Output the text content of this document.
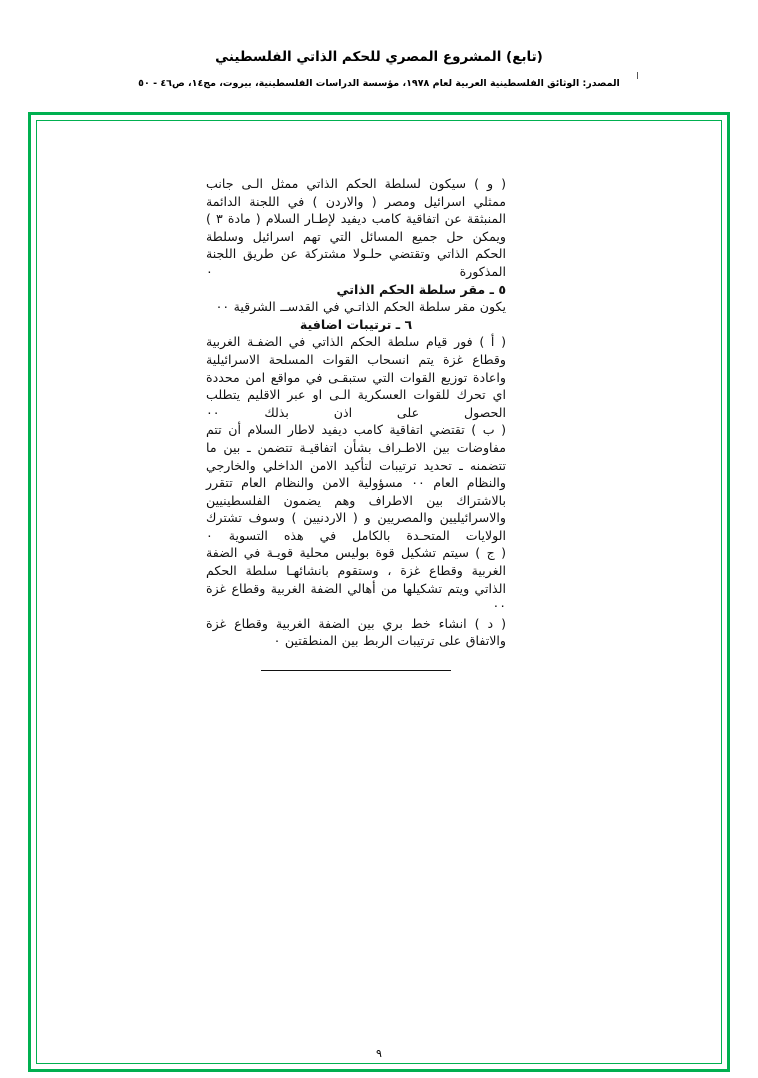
(تابع) المشروع المصري للحكم الذاتي الفلسطيني
المصدر: الوثائق الفلسطينية العربية لعام ١٩٧٨، مؤسسة الدراسات الفلسطينية، بيروت، مج١٤، ص٤٦ - ٥٠

( و ) سيكون لسلطة الحكم الذاتي ممثل الـى جانب ممثلي اسرائيل ومصر ( والاردن ) في اللجنة الدائمة المنبثقة عن اتفاقية كامب ديفيد لإطـار السلام ( مادة ٣ ) ويمكن حل جميع المسائل التي تهم اسرائيل وسلطة الحكم الذاتي وتقتضي حلـولا مشتركة عن طريق اللجنة المذكورة ٠

٥ ـ مقر سلطة الحكم الذاتي

يكون مقر سلطة الحكم الذاتـي في القدســ الشرقية ٠٠

٦ ـ ترتيبات اضافية

( أ ) فور قيام سلطة الحكم الذاتي في الضفـة الغربية وقطاع غزة يتم انسحاب القوات المسلحة الاسرائيلية واعادة توزيع القوات التي ستبقـى في مواقع امن محددة اي تحرك للقوات العسكرية الـى او عبر الاقليم يتطلب الحصول على اذن بذلك ٠٠

( ب ) تقتضي اتفاقية كامب ديفيد لاطار السلام أن تتم مفاوضات بين الاطـراف بشأن اتفاقيـة تتضمن ـ بين ما تتضمنه ـ تحديد ترتيبات لتأكيد الامن الداخلي والخارجي والنظام العام ٠٠ مسؤولية الامن والنظام العام تتقرر بالاشتراك بين الاطراف وهم يضمون الفلسطينيين والاسرائيليين والمصريين و ( الاردنيين ) وسوف تشترك الولايات المتحـدة بالكامل في هذه التسوية ٠

( ج ) سيتم تشكيل قوة بوليس محلية قويـة في الضفة الغربية وقطاع غزة ، وستقوم بانشائهـا سلطة الحكم الذاتي ويتم تشكيلها من أهالي الضفة الغربية وقطاع غزة ٠٠

( د ) انشاء خط بري بين الضفة الغربية وقطاع غزة والاتفاق على ترتيبات الربط بين المنطقتين ٠

٩
